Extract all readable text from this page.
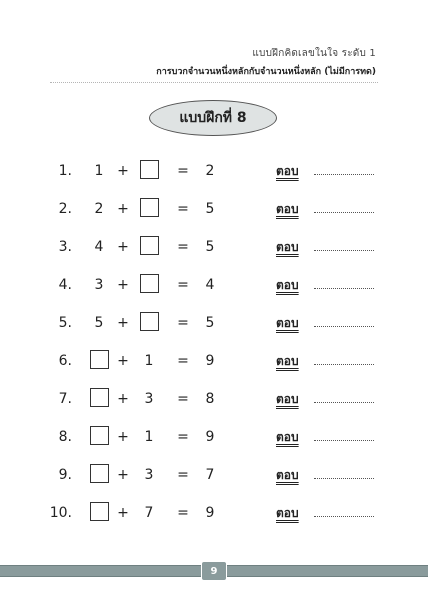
แบบฝึกคิดเลขในใจ ระดับ 1
การบวกจำนวนหนึ่งหลักกับจำนวนหนึ่งหลัก (ไม่มีการทด)
แบบฝึกที่ 8
1.	1 +	=	2	ตอบ
2.	2 +	=	5	ตอบ
3.	4 +	=	5	ตอบ
4.	3 +	=	4	ตอบ
5.	5 +	=	5	ตอบ
6.	+	1	=	9	ตอบ
7.	+	3	=	8	ตอบ
8.	+	1	=	9	ตอบ
9.	+	3	=	7	ตอบ
10.	+	7	=	9	ตอบ
9
